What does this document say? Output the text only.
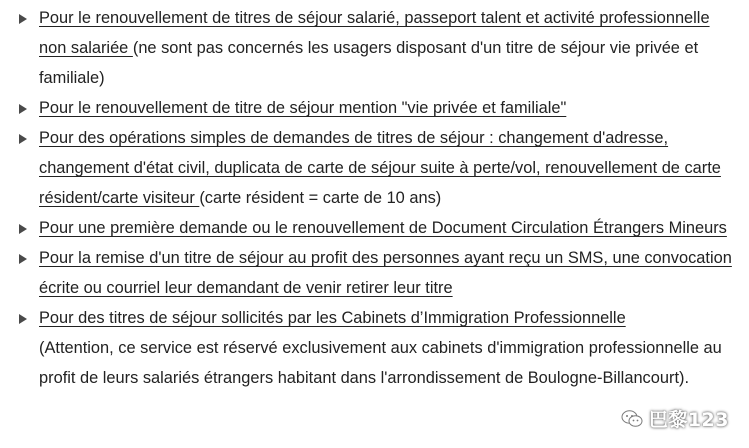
Pour le renouvellement de titres de séjour salarié, passeport talent et activité professionnelle non salariée (ne sont pas concernés les usagers disposant d'un titre de séjour vie privée et familiale)
Pour le renouvellement de titre de séjour mention "vie privée et familiale"
Pour des opérations simples de demandes de titres de séjour : changement d'adresse, changement d'état civil, duplicata de carte de séjour suite à perte/vol, renouvellement de carte résident/carte visiteur (carte résident = carte de 10 ans)
Pour une première demande ou le renouvellement de Document Circulation Étrangers Mineurs
Pour la remise d'un titre de séjour au profit des personnes ayant reçu un SMS, une convocation écrite ou courriel leur demandant de venir retirer leur titre
Pour des titres de séjour sollicités par les Cabinets d’Immigration Professionnelle
(Attention, ce service est réservé exclusivement aux cabinets d'immigration professionnelle au profit de leurs salariés étrangers habitant dans l'arrondissement de Boulogne-Billancourt).
巴黎123
